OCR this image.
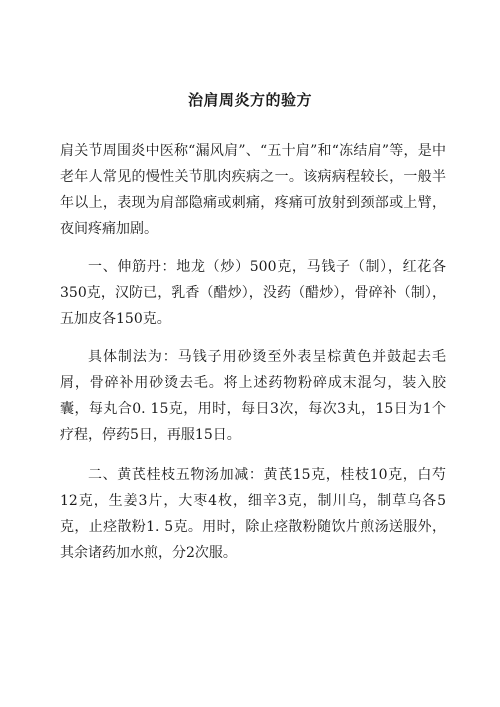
治肩周炎方的验方

肩关节周围炎中医称“漏风肩”、“五十肩”和“冻结肩”等，是中老年人常见的慢性关节肌肉疾病之一。该病病程较长，一般半年以上，表现为肩部隐痛或刺痛，疼痛可放射到颈部或上臂，夜间疼痛加剧。

一、伸筋丹：地龙（炒）500克，马钱子（制），红花各350克，汉防已，乳香（醋炒），没药（醋炒），骨碎补（制），五加皮各150克。

具体制法为：马钱子用砂烫至外表呈棕黄色并鼓起去毛屑，骨碎补用砂烫去毛。将上述药物粉碎成末混匀，装入胶囊，每丸合0. 15克，用时，每日3次，每次3丸，15日为1个疗程，停药5日，再服15日。

二、黄芪桂枝五物汤加减：黄芪15克，桂枝10克，白芍12克，生姜3片，大枣4枚，细辛3克，制川乌，制草乌各5克，止痉散粉1. 5克。用时，除止痉散粉随饮片煎汤送服外，其余诸药加水煎，分2次服。
